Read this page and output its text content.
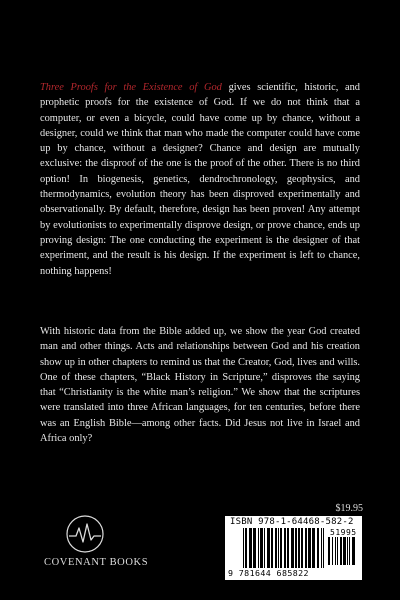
Three Proofs for the Existence of God gives scientific, historic, and prophetic proofs for the existence of God. If we do not think that a computer, or even a bicycle, could have come up by chance, without a designer, could we think that man who made the computer could have come up by chance, without a designer? Chance and design are mutually exclusive: the disproof of the one is the proof of the other. There is no third option! In biogenesis, genetics, dendrochronology, geophysics, and thermodynamics, evolution theory has been disproved experimentally and observationally. By default, therefore, design has been proven! Any attempt by evolutionists to experimentally disprove design, or prove chance, ends up proving design: The one conducting the experiment is the designer of that experiment, and the result is his design. If the experiment is left to chance, nothing happens!

With historic data from the Bible added up, we show the year God created man and other things. Acts and relationships between God and his creation show up in other chapters to remind us that the Creator, God, lives and wills. One of these chapters, “Black History in Scripture,” disproves the saying that “Christianity is the white man’s religion.” We show that the scriptures were translated into three African languages, for ten centuries, before there was an English Bible—among other facts. Did Jesus not live in Israel and Africa only?

$19.95
ISBN 978-1-64468-582-2
51995
9 781644 685822
COVENANT BOOKS
